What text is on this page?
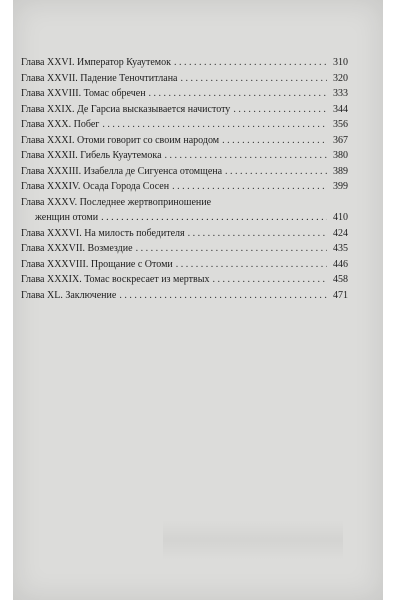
Глава XXVI. Император Куаутемок . . .	310
Глава XXVII. Падение Теночтитлана . . .	320
Глава XXVIII. Томас обречен . . .	333
Глава XXIX. Де Гарсиа высказывается начистоту . . .	344
Глава XXX. Побег . . .	356
Глава XXXI. Отоми говорит со своим народом . . .	367
Глава XXXII. Гибель Куаутемока . . .	380
Глава XXXIII. Изабелла де Сигуенса отомщена . . .	389
Глава XXXIV. Осада Города Сосен . . .	399
Глава XXXV. Последнее жертвоприношение
женщин отоми . . .	410
Глава XXXVI. На милость победителя . . .	424
Глава XXXVII. Возмездие . . .	435
Глава XXXVIII. Прощание с Отоми . . .	446
Глава XXXIX. Томас воскресает из мертвых . . .	458
Глава XL. Заключение . . .	471
